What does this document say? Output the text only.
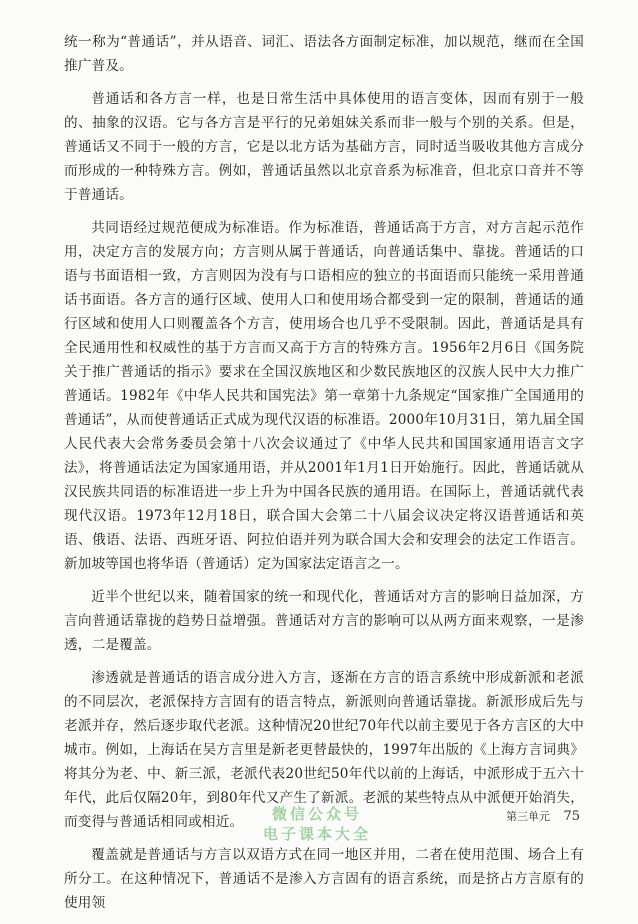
统一称为“普通话”，并从语音、词汇、语法各方面制定标准，加以规范，继而在全国推广普及。

普通话和各方言一样，也是日常生活中具体使用的语言变体，因而有别于一般的、抽象的汉语。它与各方言是平行的兄弟姐妹关系而非一般与个别的关系。但是，普通话又不同于一般的方言，它是以北方话为基础方言，同时适当吸收其他方言成分而形成的一种特殊方言。例如，普通话虽然以北京音系为标准音，但北京口音并不等于普通话。

共同语经过规范便成为标准语。作为标准语，普通话高于方言，对方言起示范作用，决定方言的发展方向；方言则从属于普通话，向普通话集中、靠拢。普通话的口语与书面语相一致，方言则因为没有与口语相应的独立的书面语而只能统一采用普通话书面语。各方言的通行区域、使用人口和使用场合都受到一定的限制，普通话的通行区域和使用人口则覆盖各个方言，使用场合也几乎不受限制。因此，普通话是具有全民通用性和权威性的基于方言而又高于方言的特殊方言。1956年2月6日《国务院关于推广普通话的指示》要求在全国汉族地区和少数民族地区的汉族人民中大力推广普通话。1982年《中华人民共和国宪法》第一章第十九条规定“国家推广全国通用的普通话”，从而使普通话正式成为现代汉语的标准语。2000年10月31日，第九届全国人民代表大会常务委员会第十八次会议通过了《中华人民共和国国家通用语言文字法》，将普通话法定为国家通用语，并从2001年1月1日开始施行。因此，普通话就从汉民族共同语的标准语进一步上升为中国各民族的通用语。在国际上，普通话就代表现代汉语。1973年12月18日，联合国大会第二十八届会议决定将汉语普通话和英语、俄语、法语、西班牙语、阿拉伯语并列为联合国大会和安理会的法定工作语言。新加坡等国也将华语（普通话）定为国家法定语言之一。

近半个世纪以来，随着国家的统一和现代化，普通话对方言的影响日益加深，方言向普通话靠拢的趋势日益增强。普通话对方言的影响可以从两方面来观察，一是渗透，二是覆盖。

渗透就是普通话的语言成分进入方言，逐渐在方言的语言系统中形成新派和老派的不同层次，老派保持方言固有的语言特点，新派则向普通话靠拢。新派形成后先与老派并存，然后逐步取代老派。这种情况20世纪70年代以前主要见于各方言区的大中城市。例如，上海话在吴方言里是新老更替最快的，1997年出版的《上海方言词典》将其分为老、中、新三派，老派代表20世纪50年代以前的上海话，中派形成于五六十年代，此后仅隔20年，到80年代又产生了新派。老派的某些特点从中派便开始消失，而变得与普通话相同或相近。

覆盖就是普通话与方言以双语方式在同一地区并用，二者在使用范围、场合上有所分工。在这种情况下，普通话不是渗入方言固有的语言系统，而是挤占方言原有的使用领

微信公众号
电子课本大全
第三单元 75
